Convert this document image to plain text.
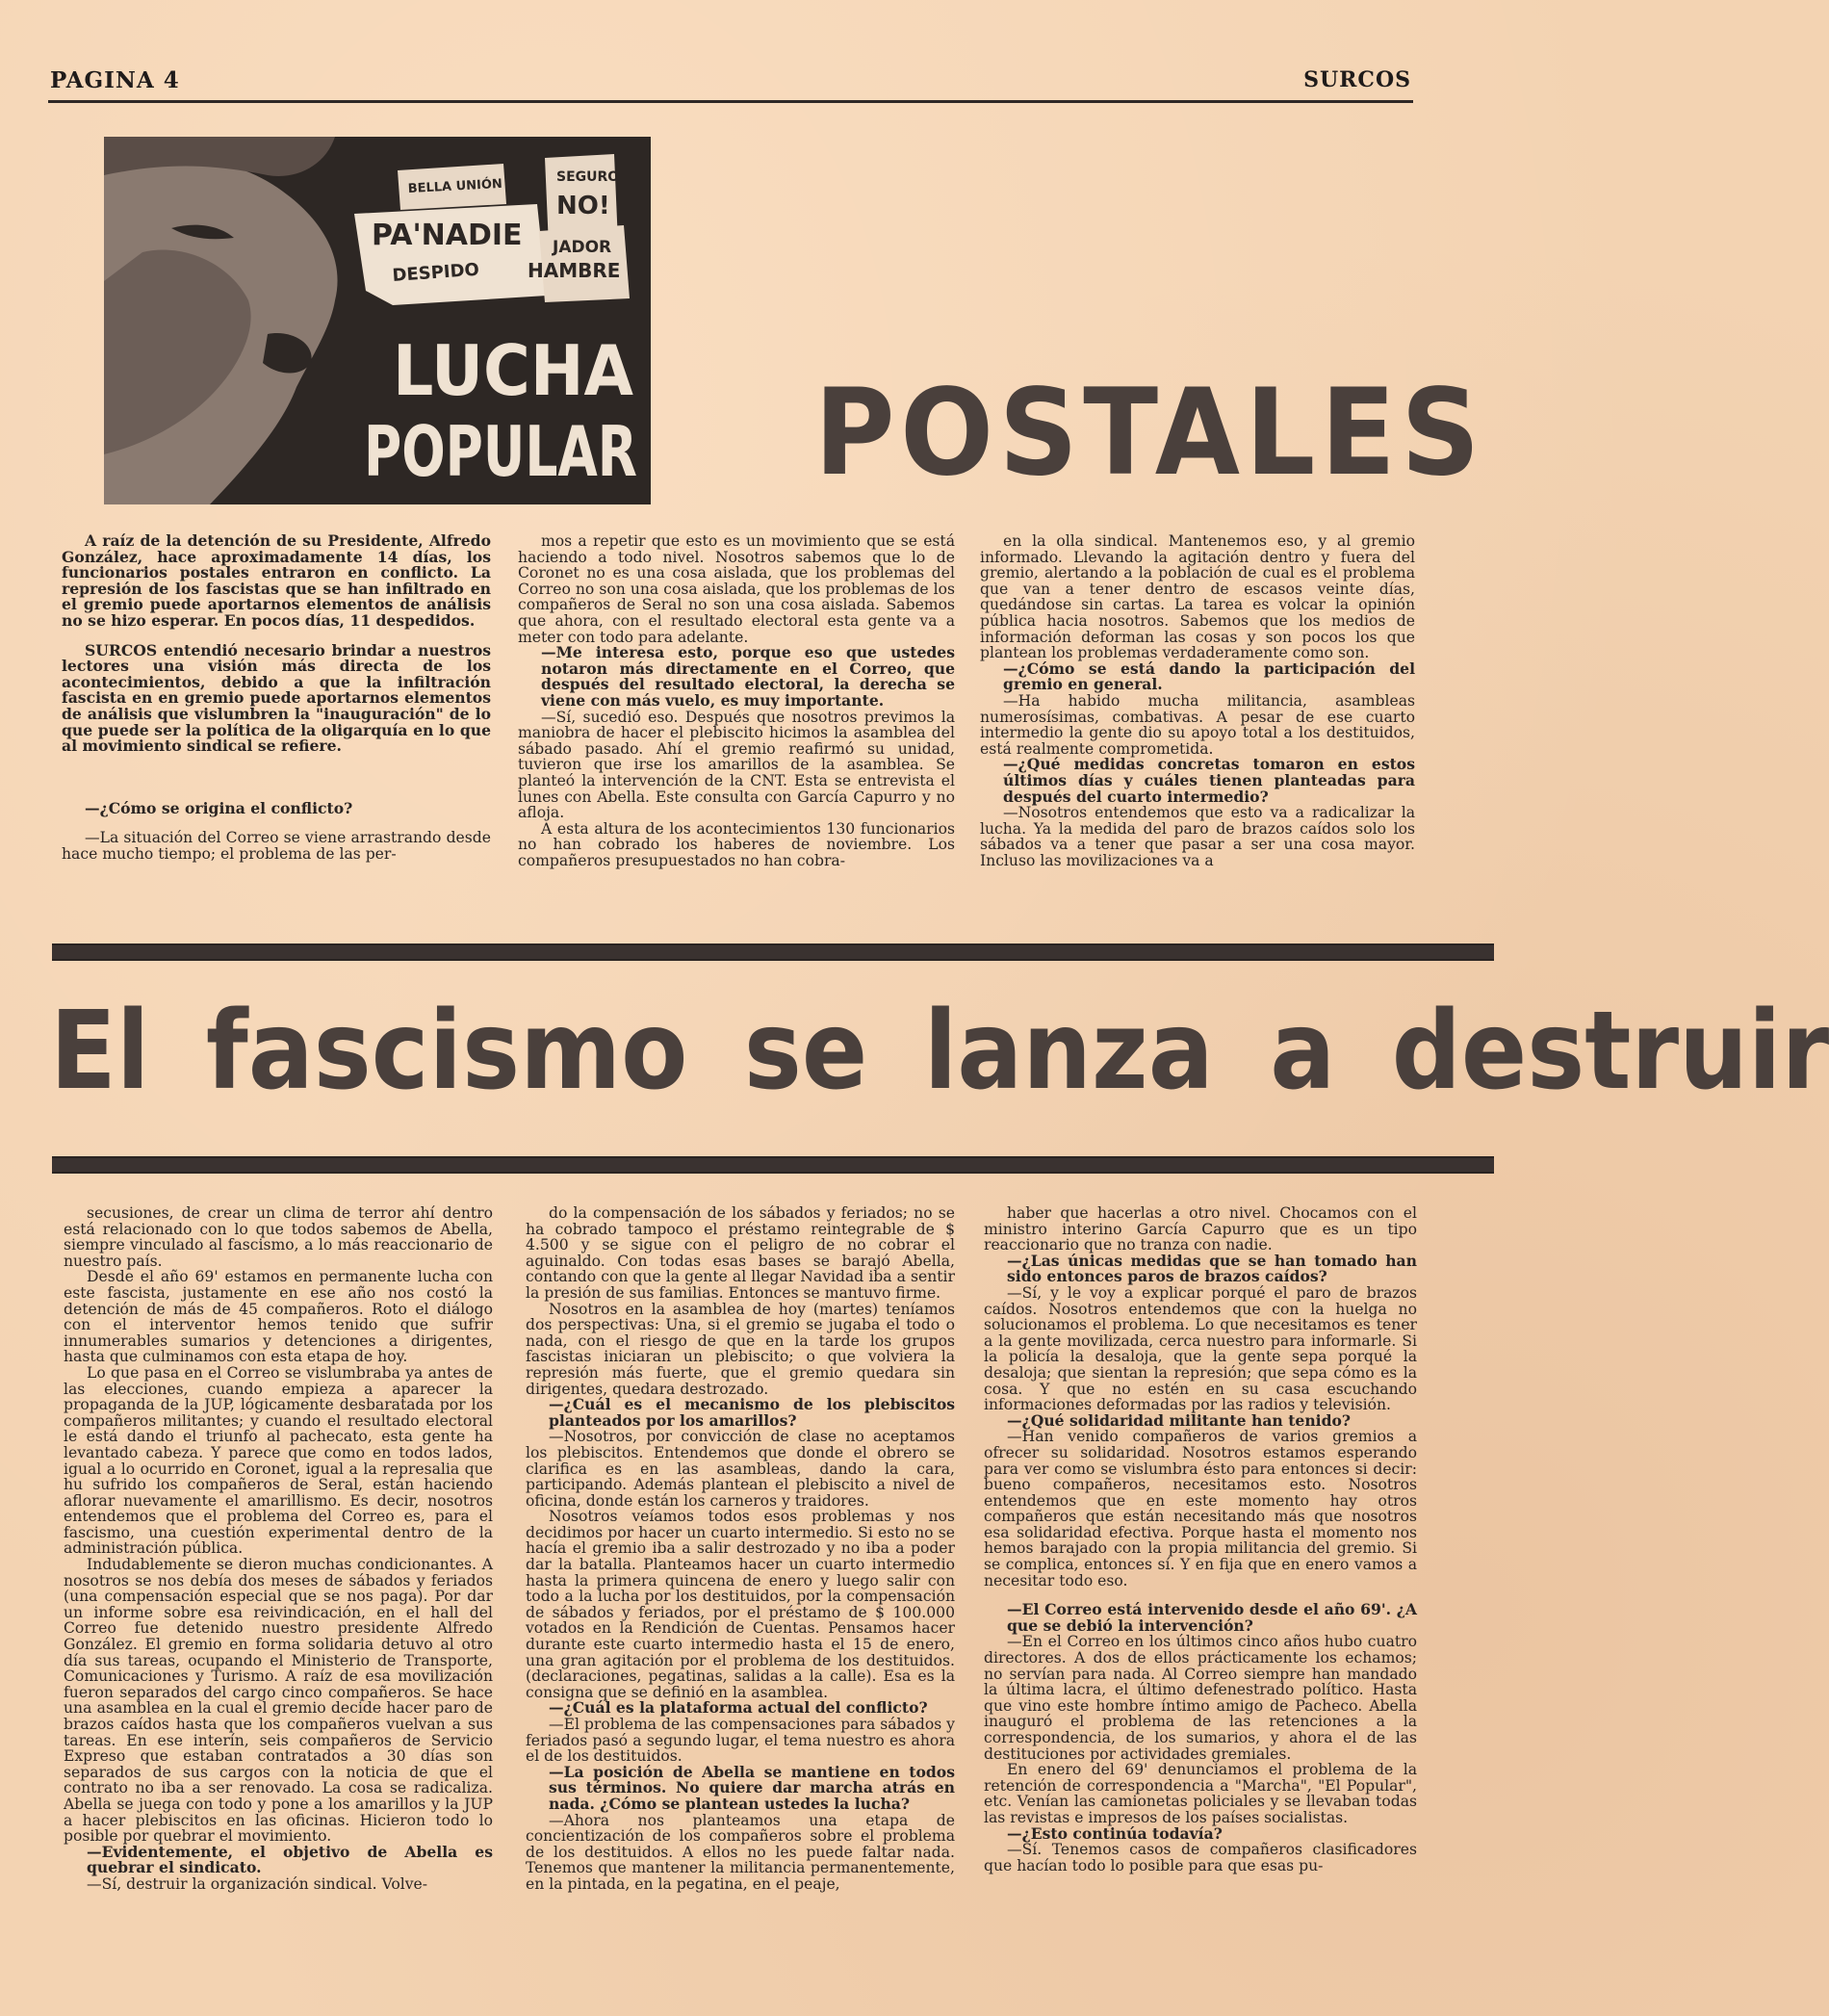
PAGINA 4	SURCOS
BELLA UNIÓN	SEGURO
NO!
PA'NADIE
DESPIDO
JADOR
HAMBRE
LUCHA
POPULAR POSTALES

A raíz de la detención de su Presidente, Alfredo González, hace aproximadamente 14 días, los funcionarios postales entraron en conflicto. La represión de los fascistas que se han infiltrado en el gremio puede aportarnos elementos de análisis no se hizo esperar. En pocos días, 11 despedidos.

SURCOS entendió necesario brindar a nuestros lectores una visión más directa de los acontecimientos, debido a que la infiltración fascista en en gremio puede aportarnos elementos de análisis que vislumbren la "inauguración" de lo que puede ser la política de la oligarquía en lo que al movimiento sindical se refiere.

—¿Cómo se origina el conflicto?

—La situación del Correo se viene arrastrando desde hace mucho tiempo; el problema de las per-

mos a repetir que esto es un movimiento que se está haciendo a todo nivel. Nosotros sabemos que lo de Coronet no es una cosa aislada, que los problemas del Correo no son una cosa aislada, que los problemas de los compañeros de Seral no son una cosa aislada. Sabemos que ahora, con el resultado electoral esta gente va a meter con todo para adelante.

—Me interesa esto, porque eso que ustedes notaron más directamente en el Correo, que después del resultado electoral, la derecha se viene con más vuelo, es muy importante.

—Sí, sucedió eso. Después que nosotros previmos la maniobra de hacer el plebiscito hicimos la asamblea del sábado pasado. Ahí el gremio reafirmó su unidad, tuvieron que irse los amarillos de la asamblea. Se planteó la intervención de la CNT. Esta se entrevista el lunes con Abella. Este consulta con García Capurro y no afloja.

A esta altura de los acontecimientos 130 funcionarios no han cobrado los haberes de noviembre. Los compañeros presupuestados no han cobra-

en la olla sindical. Mantenemos eso, y al gremio informado. Llevando la agitación dentro y fuera del gremio, alertando a la población de cual es el problema que van a tener dentro de escasos veinte días, quedándose sin cartas. La tarea es volcar la opinión pública hacia nosotros. Sabemos que los medios de información deforman las cosas y son pocos los que plantean los problemas verdaderamente como son.

—¿Cómo se está dando la participación del gremio en general.

—Ha habido mucha militancia, asambleas numerosísimas, combativas. A pesar de ese cuarto intermedio la gente dio su apoyo total a los destituidos, está realmente comprometida.

—¿Qué medidas concretas tomaron en estos últimos días y cuáles tienen planteadas para después del cuarto intermedio?

—Nosotros entendemos que esto va a radicalizar la lucha. Ya la medida del paro de brazos caídos solo los sábados va a tener que pasar a ser una cosa mayor. Incluso las movilizaciones va a

El fascismo se lanza a destruir

secusiones, de crear un clima de terror ahí dentro está relacionado con lo que todos sabemos de Abella, siempre vinculado al fascismo, a lo más reaccionario de nuestro país.

Desde el año 69' estamos en permanente lucha con este fascista, justamente en ese año nos costó la detención de más de 45 compañeros. Roto el diálogo con el interventor hemos tenido que sufrir innumerables sumarios y detenciones a dirigentes, hasta que culminamos con esta etapa de hoy.

Lo que pasa en el Correo se vislumbraba ya antes de las elecciones, cuando empieza a aparecer la propaganda de la JUP, lógicamente desbaratada por los compañeros militantes; y cuando el resultado electoral le está dando el triunfo al pachecato, esta gente ha levantado cabeza. Y parece que como en todos lados, igual a lo ocurrido en Coronet, igual a la represalia que hu sufrido los compañeros de Seral, están haciendo aflorar nuevamente el amarillismo. Es decir, nosotros entendemos que el problema del Correo es, para el fascismo, una cuestión experimental dentro de la administración pública.

Indudablemente se dieron muchas condicionantes. A nosotros se nos debía dos meses de sábados y feriados (una compensación especial que se nos paga). Por dar un informe sobre esa reivindicación, en el hall del Correo fue detenido nuestro presidente Alfredo González. El gremio en forma solidaria detuvo al otro día sus tareas, ocupando el Ministerio de Transporte, Comunicaciones y Turismo. A raíz de esa movilización fueron separados del cargo cinco compañeros. Se hace una asamblea en la cual el gremio decide hacer paro de brazos caídos hasta que los compañeros vuelvan a sus tareas. En ese interín, seis compañeros de Servicio Expreso que estaban contratados a 30 días son separados de sus cargos con la noticia de que el contrato no iba a ser renovado. La cosa se radicaliza. Abella se juega con todo y pone a los amarillos y la JUP a hacer plebiscitos en las oficinas. Hicieron todo lo posible por quebrar el movimiento.

—Evidentemente, el objetivo de Abella es quebrar el sindicato.

—Sí, destruir la organización sindical. Volve-

do la compensación de los sábados y feriados; no se ha cobrado tampoco el préstamo reintegrable de $ 4.500 y se sigue con el peligro de no cobrar el aguinaldo. Con todas esas bases se barajó Abella, contando con que la gente al llegar Navidad iba a sentir la presión de sus familias. Entonces se mantuvo firme.

Nosotros en la asamblea de hoy (martes) teníamos dos perspectivas: Una, si el gremio se jugaba el todo o nada, con el riesgo de que en la tarde los grupos fascistas iniciaran un plebiscito; o que volviera la represión más fuerte, que el gremio quedara sin dirigentes, quedara destrozado.

—¿Cuál es el mecanismo de los plebiscitos planteados por los amarillos?

—Nosotros, por convicción de clase no aceptamos los plebiscitos. Entendemos que donde el obrero se clarifica es en las asambleas, dando la cara, participando. Además plantean el plebiscito a nivel de oficina, donde están los carneros y traidores.

Nosotros veíamos todos esos problemas y nos decidimos por hacer un cuarto intermedio. Si esto no se hacía el gremio iba a salir destrozado y no iba a poder dar la batalla. Planteamos hacer un cuarto intermedio hasta la primera quincena de enero y luego salir con todo a la lucha por los destituidos, por la compensación de sábados y feriados, por el préstamo de $ 100.000 votados en la Rendición de Cuentas. Pensamos hacer durante este cuarto intermedio hasta el 15 de enero, una gran agitación por el problema de los destituidos. (declaraciones, pegatinas, salidas a la calle). Esa es la consigna que se definió en la asamblea.

—¿Cuál es la plataforma actual del conflicto?

—El problema de las compensaciones para sábados y feriados pasó a segundo lugar, el tema nuestro es ahora el de los destituidos.

—La posición de Abella se mantiene en todos sus términos. No quiere dar marcha atrás en nada. ¿Cómo se plantean ustedes la lucha?

—Ahora nos planteamos una etapa de concientización de los compañeros sobre el problema de los destituidos. A ellos no les puede faltar nada. Tenemos que mantener la militancia permanentemente, en la pintada, en la pegatina, en el peaje,

haber que hacerlas a otro nivel. Chocamos con el ministro interino García Capurro que es un tipo reaccionario que no tranza con nadie.

—¿Las únicas medidas que se han tomado han sido entonces paros de brazos caídos?

—Sí, y le voy a explicar porqué el paro de brazos caídos. Nosotros entendemos que con la huelga no solucionamos el problema. Lo que necesitamos es tener a la gente movilizada, cerca nuestro para informarle. Si la policía la desaloja, que la gente sepa porqué la desaloja; que sientan la represión; que sepa cómo es la cosa. Y que no estén en su casa escuchando informaciones deformadas por las radios y televisión.

—¿Qué solidaridad militante han tenido?

—Han venido compañeros de varios gremios a ofrecer su solidaridad. Nosotros estamos esperando para ver como se vislumbra ésto para entonces si decir: bueno compañeros, necesitamos esto. Nosotros entendemos que en este momento hay otros compañeros que están necesitando más que nosotros esa solidaridad efectiva. Porque hasta el momento nos hemos barajado con la propia militancia del gremio. Si se complica, entonces sí. Y en fija que en enero vamos a necesitar todo eso.

—El Correo está intervenido desde el año 69'. ¿A que se debió la intervención?

—En el Correo en los últimos cinco años hubo cuatro directores. A dos de ellos prácticamente los echamos; no servían para nada. Al Correo siempre han mandado la última lacra, el último defenestrado político. Hasta que vino este hombre íntimo amigo de Pacheco. Abella inauguró el problema de las retenciones a la correspondencia, de los sumarios, y ahora el de las destituciones por actividades gremiales.

En enero del 69' denunciamos el problema de la retención de correspondencia a "Marcha", "El Popular", etc. Venían las camionetas policiales y se llevaban todas las revistas e impresos de los países socialistas.

—¿Esto continúa todavía?

—Sí. Tenemos casos de compañeros clasificadores que hacían todo lo posible para que esas pu-
